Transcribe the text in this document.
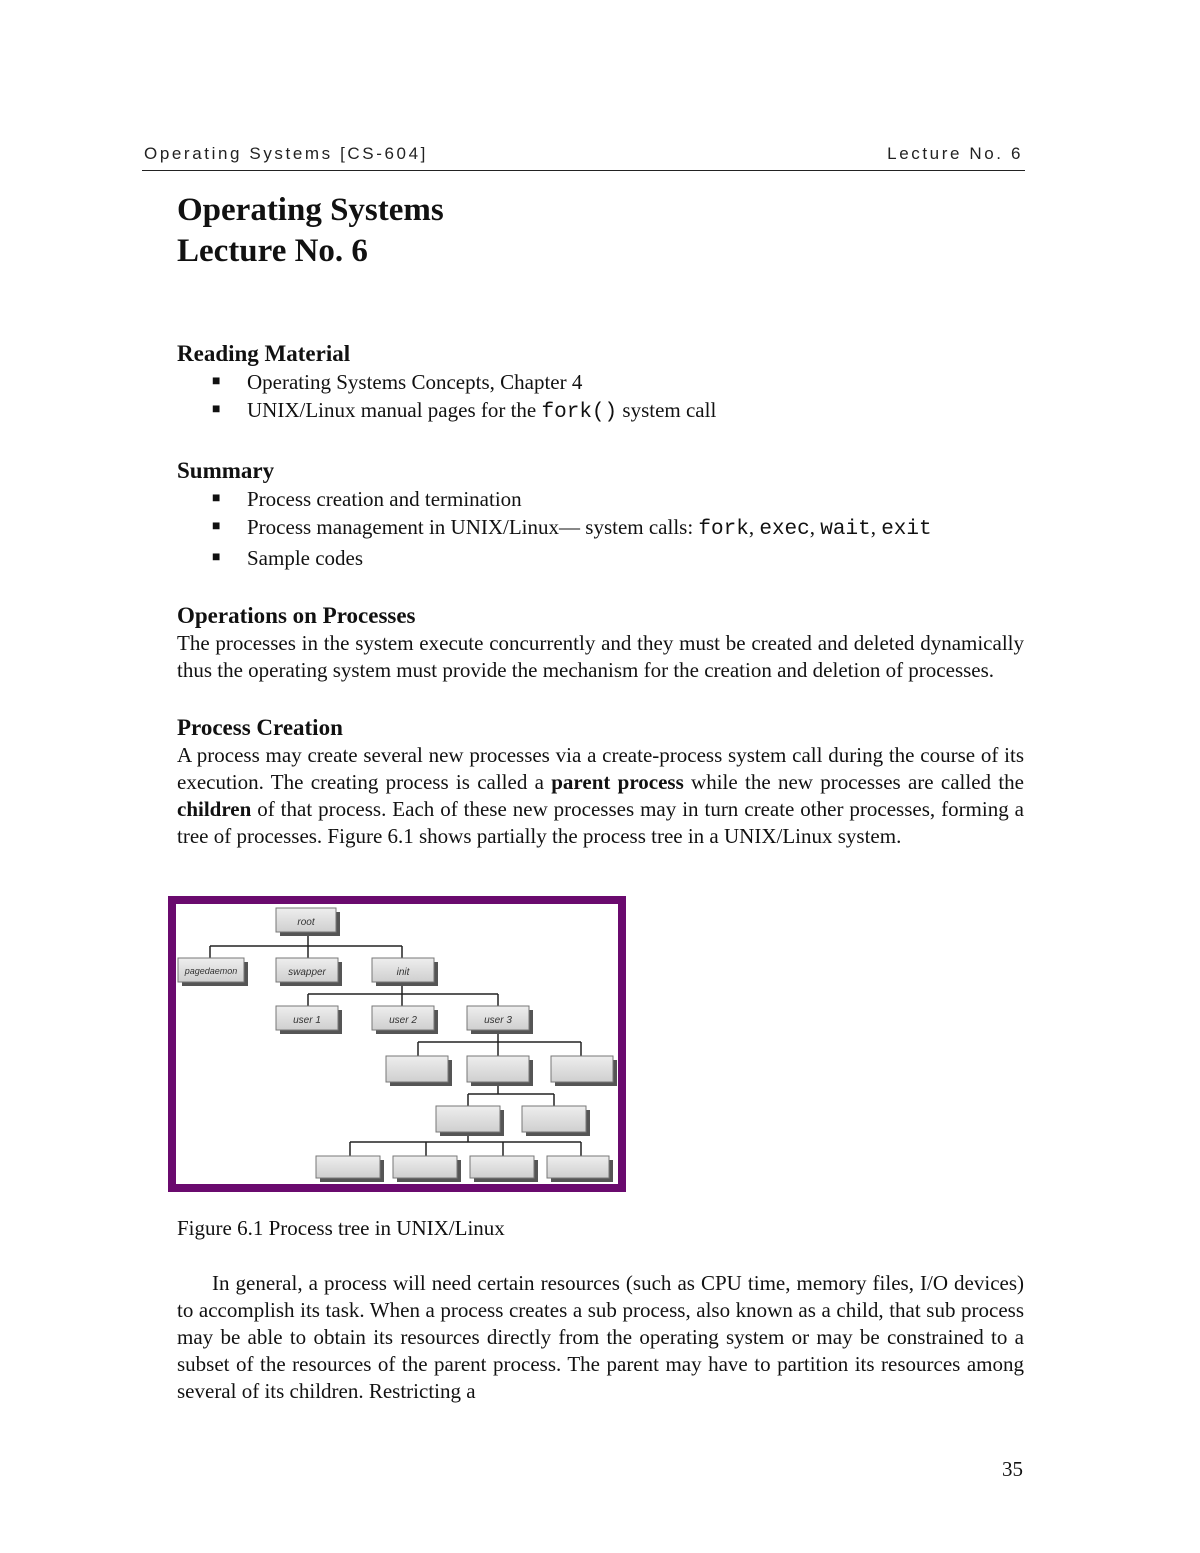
Operating Systems [CS-604]	Lecture No. 6
Operating Systems
Lecture No. 6
Reading Material
■ Operating Systems Concepts, Chapter 4
■ UNIX/Linux manual pages for the fork() system call
Summary
■ Process creation and termination
■ Process management in UNIX/Linux— system calls: fork, exec, wait, exit
■ Sample codes
Operations on Processes

The processes in the system execute concurrently and they must be created and deleted dynamically thus the operating system must provide the mechanism for the creation and deletion of processes.

Process Creation

A process may create several new processes via a create-process system call during the course of its execution. The creating process is called a parent process while the new processes are called the children of that process. Each of these new processes may in turn create other processes, forming a tree of processes. Figure 6.1 shows partially the process tree in a UNIX/Linux system.

root
pagedaemon	swapper	init
user 1	user 2	user 3
Figure 6.1 Process tree in UNIX/Linux

In general, a process will need certain resources (such as CPU time, memory files, I/O devices) to accomplish its task. When a process creates a sub process, also known as a child, that sub process may be able to obtain its resources directly from the operating system or may be constrained to a subset of the resources of the parent process. The parent may have to partition its resources among several of its children. Restricting a

35
